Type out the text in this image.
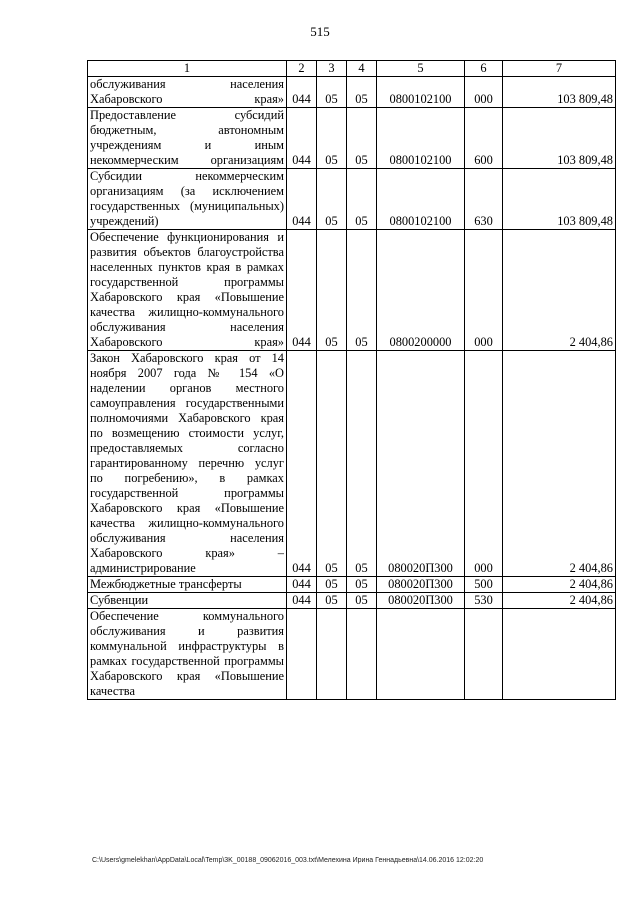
515
1	2	3	4	5	6	7
обслуживания населения Хабаровского края»	044	05	05	0800102100	000	103 809,48
Предоставление субсидий бюджетным, автономным учреждениям и иным некоммерческим организациям	044	05	05	0800102100	600	103 809,48
Субсидии некоммерческим организациям (за исключением государственных (муниципальных) учреждений)	044	05	05	0800102100	630	103 809,48
Обеспечение функционирования и развития объектов благоустройства населенных пунктов края в рамках государственной программы Хабаровского края «Повышение качества жилищно-коммунального обслуживания населения Хабаровского края»	044	05	05	0800200000	000	2 404,86
Закон Хабаровского края от 14 ноября 2007 года № 154 «О наделении органов местного самоуправления государственными полномочиями Хабаровского края по возмещению стоимости услуг, предоставляемых согласно гарантированному перечню услуг по погребению», в рамках государственной программы Хабаровского края «Повышение качества жилищно-коммунального обслуживания населения Хабаровского края» – администрирование	044	05	05	080020П300	000	2 404,86
Межбюджетные трансферты	044	05	05	080020П300	500	2 404,86
Субвенции	044	05	05	080020П300	530	2 404,86
Обеспечение коммунального обслуживания и развития коммунальной инфраструктуры в рамках государственной программы Хабаровского края «Повышение качества						
C:\Users\gmelekhan\AppData\Local\Temp\3K_00188_09062016_003.txt\Мелехина Ирина Геннадьевна\14.06.2016 12:02:20
